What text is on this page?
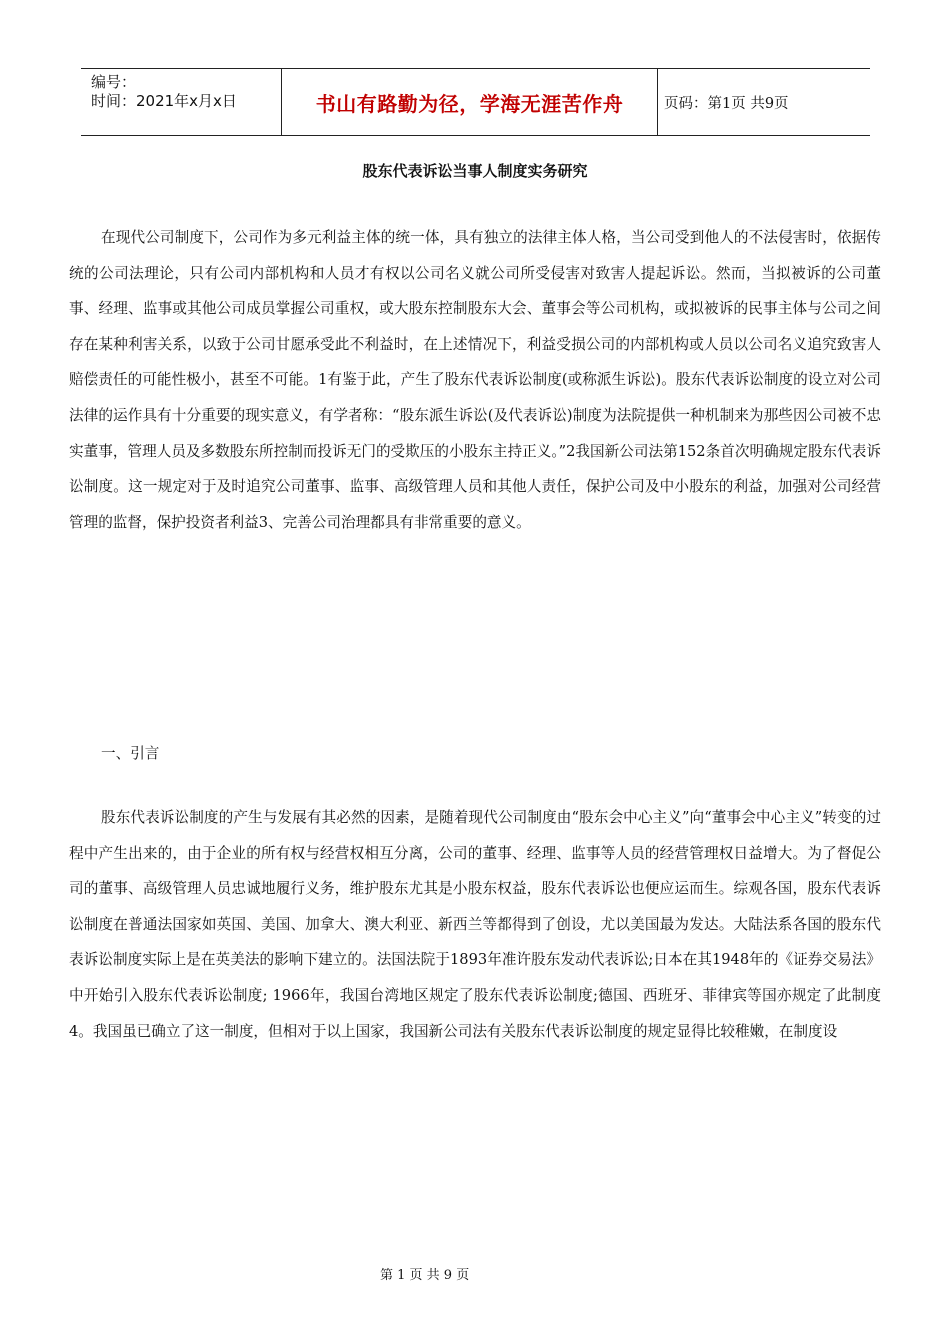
编号：
时间：2021年x月x日	书山有路勤为径，学海无涯苦作舟	页码：第1页 共9页
股东代表诉讼当事人制度实务研究

在现代公司制度下，公司作为多元利益主体的统一体，具有独立的法律主体人格，当公司受到他人的不法侵害时，依据传统的公司法理论，只有公司内部机构和人员才有权以公司名义就公司所受侵害对致害人提起诉讼。然而，当拟被诉的公司董事、经理、监事或其他公司成员掌握公司重权，或大股东控制股东大会、董事会等公司机构，或拟被诉的民事主体与公司之间存在某种利害关系，以致于公司甘愿承受此不利益时，在上述情况下，利益受损公司的内部机构或人员以公司名义追究致害人赔偿责任的可能性极小，甚至不可能。1有鉴于此，产生了股东代表诉讼制度(或称派生诉讼)。股东代表诉讼制度的设立对公司法律的运作具有十分重要的现实意义，有学者称：“股东派生诉讼(及代表诉讼)制度为法院提供一种机制来为那些因公司被不忠实董事，管理人员及多数股东所控制而投诉无门的受欺压的小股东主持正义。”2我国新公司法第152条首次明确规定股东代表诉讼制度。这一规定对于及时追究公司董事、监事、高级管理人员和其他人责任，保护公司及中小股东的利益，加强对公司经营管理的监督，保护投资者利益3、完善公司治理都具有非常重要的意义。

一、引言

股东代表诉讼制度的产生与发展有其必然的因素，是随着现代公司制度由“股东会中心主义”向“董事会中心主义”转变的过程中产生出来的，由于企业的所有权与经营权相互分离，公司的董事、经理、监事等人员的经营管理权日益增大。为了督促公司的董事、高级管理人员忠诚地履行义务，维护股东尤其是小股东权益，股东代表诉讼也便应运而生。综观各国，股东代表诉讼制度在普通法国家如英国、美国、加拿大、澳大利亚、新西兰等都得到了创设，尤以美国最为发达。大陆法系各国的股东代表诉讼制度实际上是在英美法的影响下建立的。法国法院于1893年准许股东发动代表诉讼;日本在其1948年的《证券交易法》中开始引入股东代表诉讼制度; 1966年，我国台湾地区规定了股东代表诉讼制度;德国、西班牙、菲律宾等国亦规定了此制度4。我国虽已确立了这一制度，但相对于以上国家，我国新公司法有关股东代表诉讼制度的规定显得比较稚嫩，在制度设

第 1 页 共 9 页
